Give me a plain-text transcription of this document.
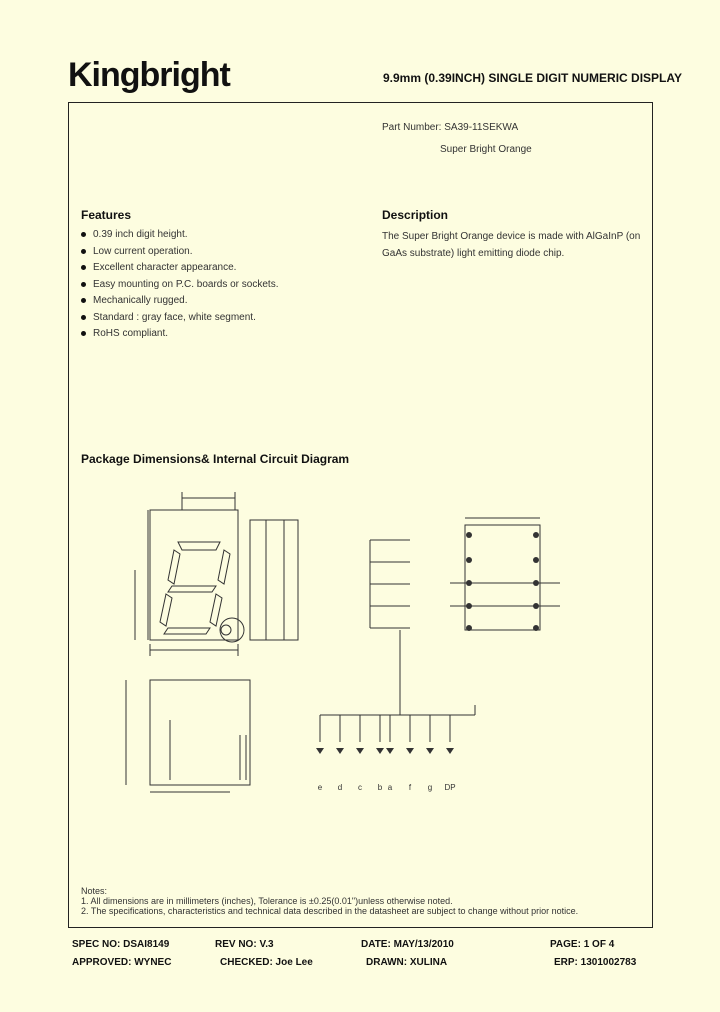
Kingbright	9.9mm (0.39INCH) SINGLE DIGIT NUMERIC DISPLAY
Part Number: SA39-11SEKWA
Super Bright Orange
Features
0.39 inch digit height.
Low current operation.
Excellent character appearance.
Easy mounting on P.C. boards or sockets.
Mechanically rugged.
Standard : gray face, white segment.
RoHS compliant.
Description
The Super Bright Orange device is made with AlGaInP (on GaAs substrate) light emitting diode chip.
Package Dimensions& Internal Circuit Diagram
e d c b a f g DP
Notes:
1. All dimensions are in millimeters (inches), Tolerance is ±0.25(0.01")unless otherwise noted.
2. The specifications, characteristics and technical data described in the datasheet are subject to change without prior notice.
SPEC NO: DSAI8149	REV NO: V.3	DATE: MAY/13/2010	PAGE: 1 OF 4
APPROVED: WYNEC	CHECKED: Joe Lee	DRAWN: XULINA	ERP: 1301002783
